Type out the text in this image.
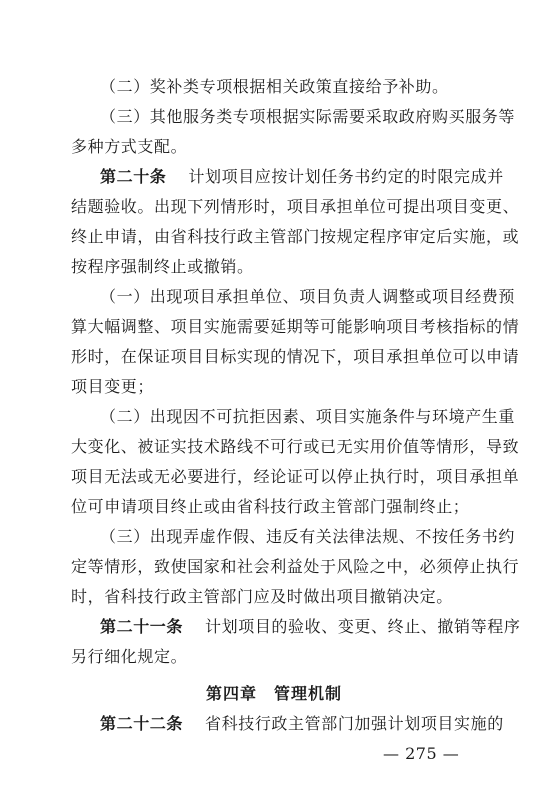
（二）奖补类专项根据相关政策直接给予补助。
（三）其他服务类专项根据实际需要采取政府购买服务等
多种方式支配。
第二十条 计划项目应按计划任务书约定的时限完成并
结题验收。出现下列情形时，项目承担单位可提出项目变更、
终止申请，由省科技行政主管部门按规定程序审定后实施，或
按程序强制终止或撤销。
（一）出现项目承担单位、项目负责人调整或项目经费预
算大幅调整、项目实施需要延期等可能影响项目考核指标的情
形时，在保证项目目标实现的情况下，项目承担单位可以申请
项目变更；
（二）出现因不可抗拒因素、项目实施条件与环境产生重
大变化、被证实技术路线不可行或已无实用价值等情形，导致
项目无法或无必要进行，经论证可以停止执行时，项目承担单
位可申请项目终止或由省科技行政主管部门强制终止；
（三）出现弄虚作假、违反有关法律法规、不按任务书约
定等情形，致使国家和社会利益处于风险之中，必须停止执行
时，省科技行政主管部门应及时做出项目撤销决定。
第二十一条 计划项目的验收、变更、终止、撤销等程序
另行细化规定。
第四章　管理机制
第二十二条 省科技行政主管部门加强计划项目实施的
— 275 —
